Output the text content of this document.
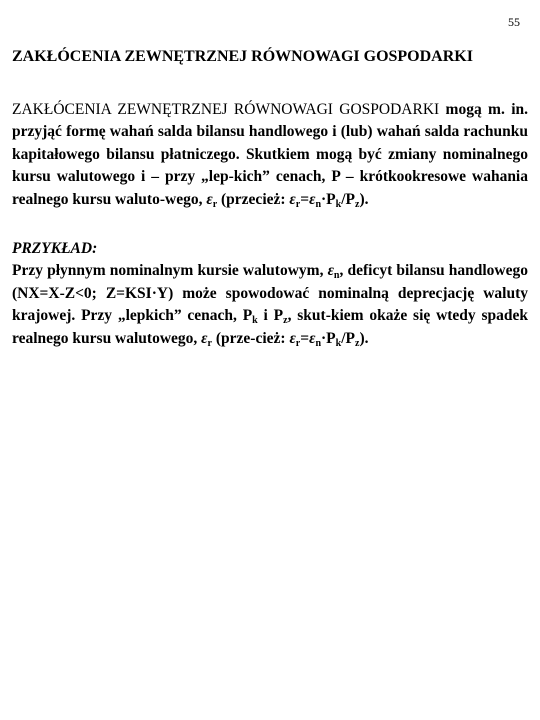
55
ZAKŁÓCENIA ZEWNĘTRZNEJ RÓWNOWAGI GOSPODARKI

ZAKŁÓCENIA ZEWNĘTRZNEJ RÓWNOWAGI GOSPODARKI mogą m. in. przyjąć formę wahań salda bilansu handlowego i (lub) wahań salda rachunku kapitałowego bilansu płatniczego. Skutkiem mogą być zmiany nominalnego kursu walutowego i – przy „lep-kich” cenach, P – krótkookresowe wahania realnego kursu waluto-wego, $\varepsilon_r$ (przecież: $\varepsilon_r=\varepsilon_n\cdot P_k/P_z$).

PRZYKŁAD:
Przy płynnym nominalnym kursie walutowym, $\varepsilon_n$, deficyt bilansu handlowego (NX=X-Z<0; Z=KSI·Y) może spowodować nominalną deprecjację waluty krajowej. Przy „lepkich” cenach, $P_k$ i $P_z$, skut-kiem okaże się wtedy spadek realnego kursu walutowego, $\varepsilon_r$ (prze-cież: $\varepsilon_r=\varepsilon_n\cdot P_k/P_z$).
